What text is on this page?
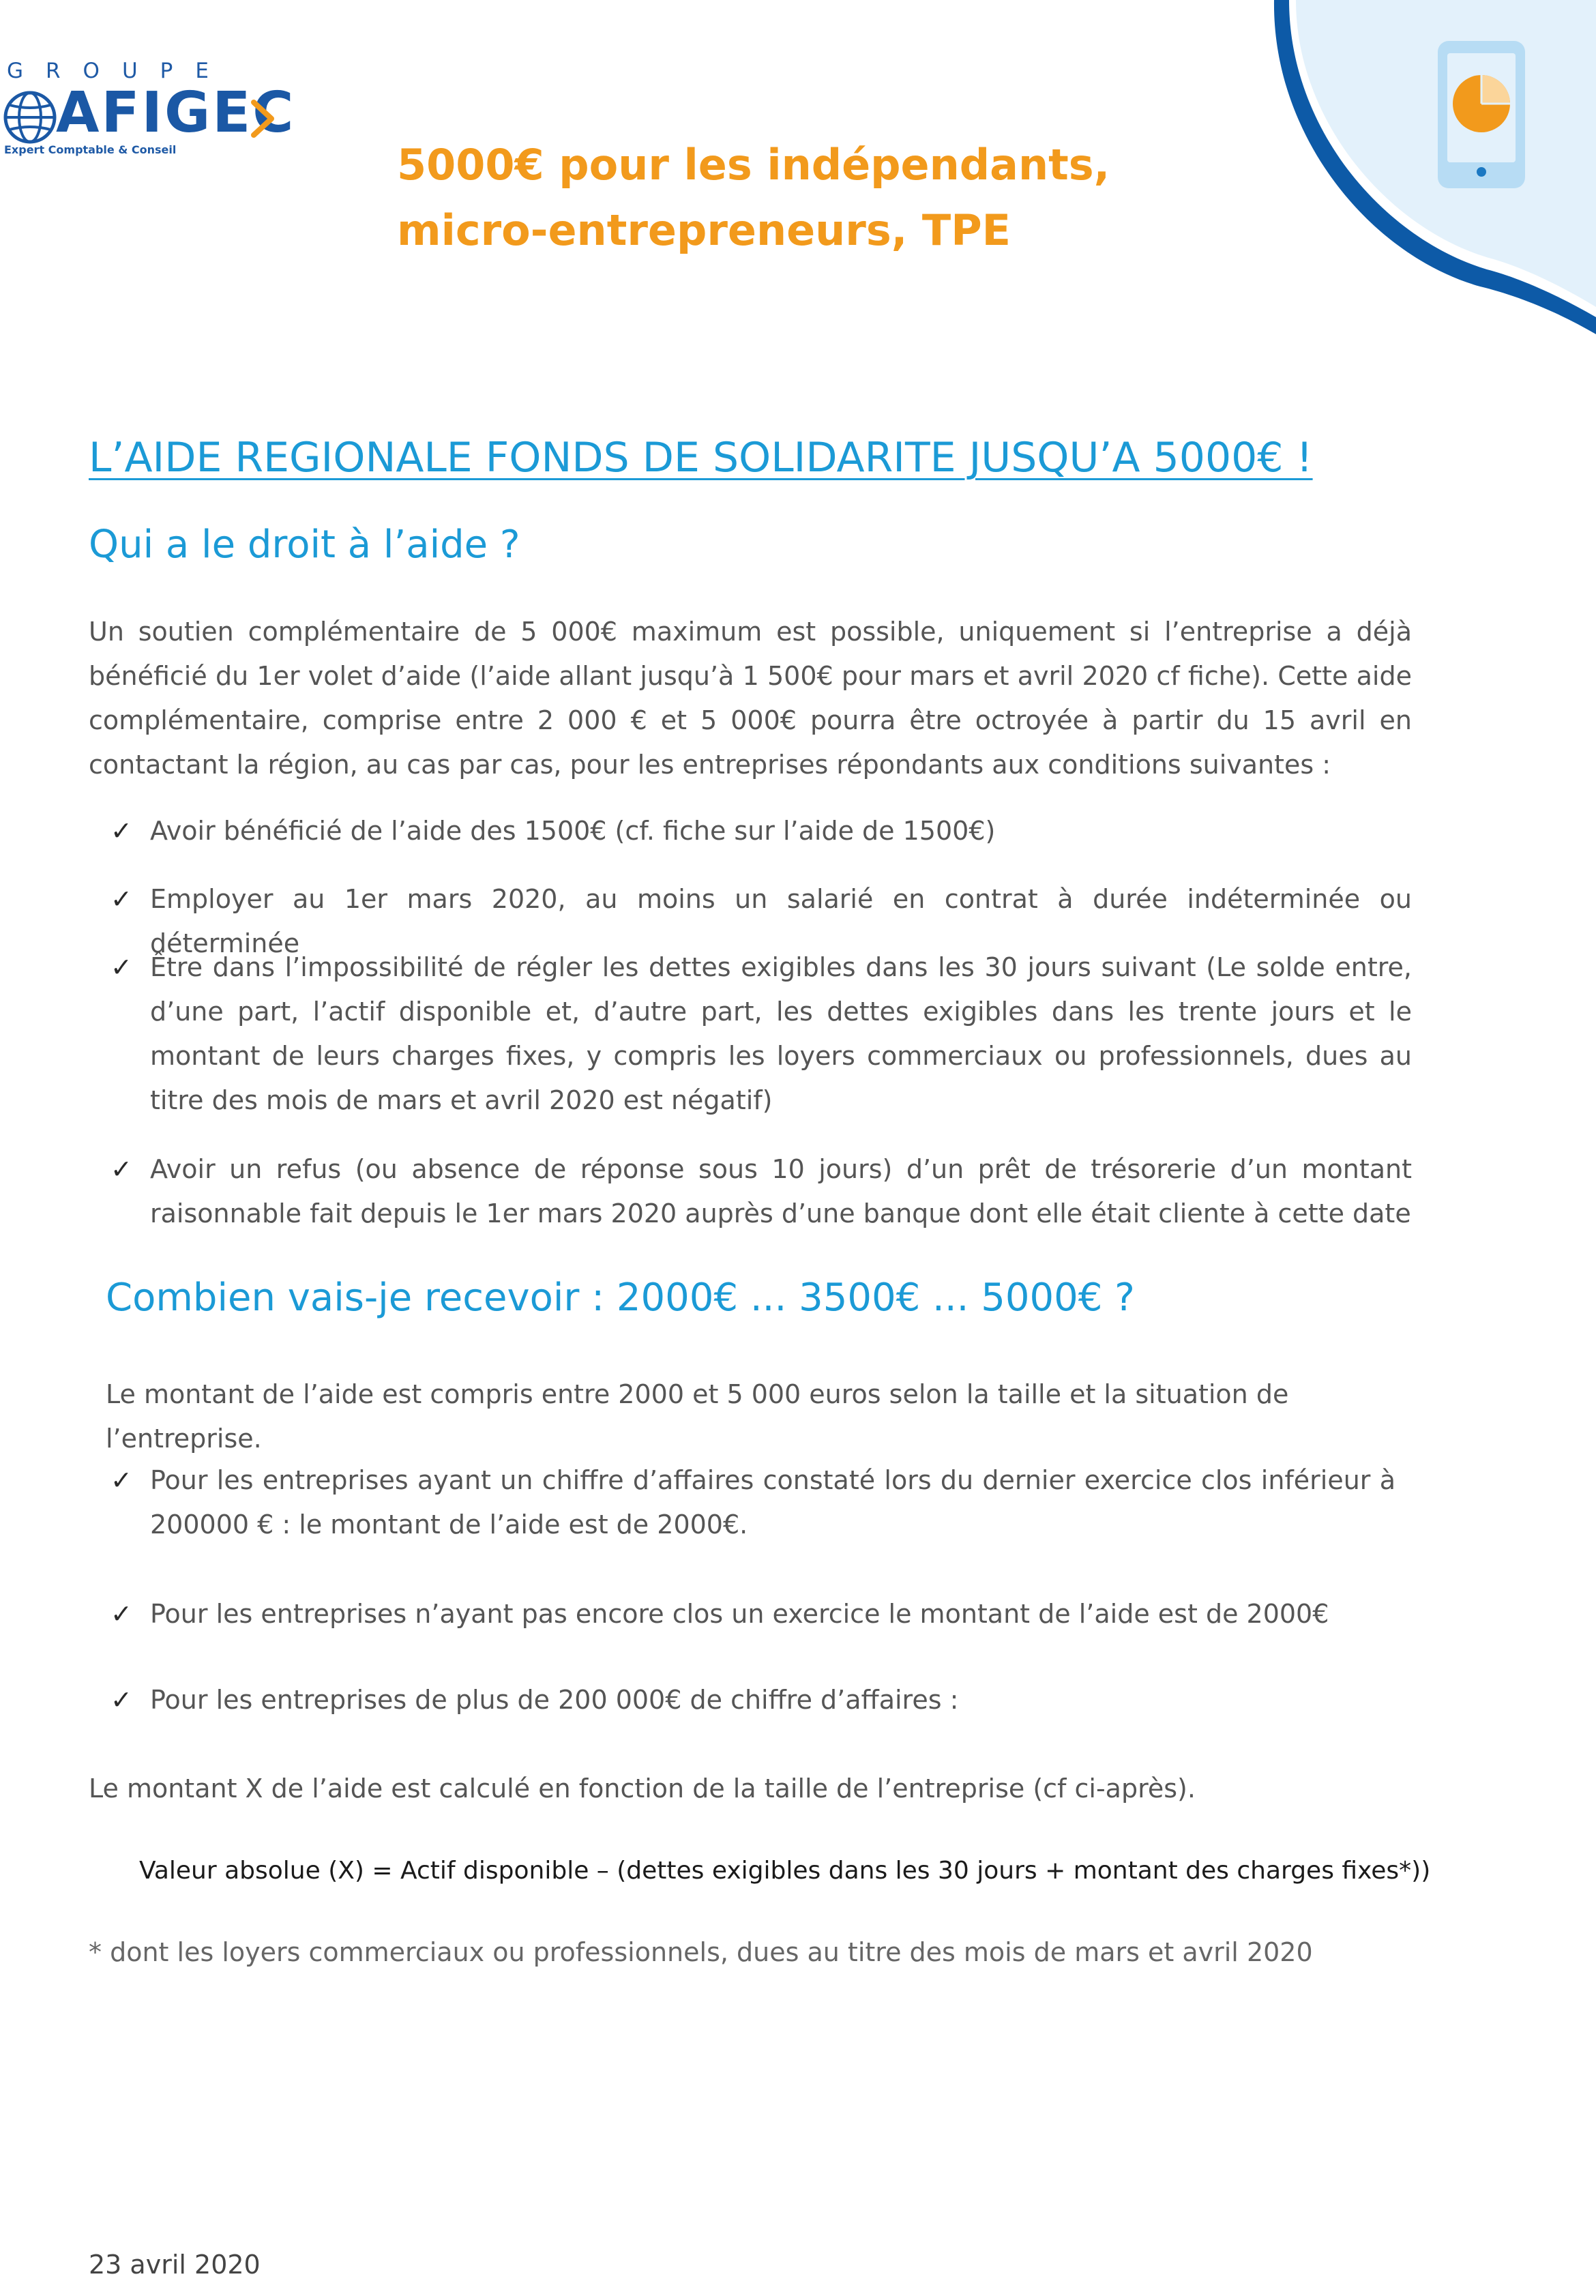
GROUPE
AFIGEC
Expert Comptable & Conseil	5000€ pour les indépendants,
micro-entrepreneurs, TPE
L’AIDE REGIONALE FONDS DE SOLIDARITE JUSQU’A 5000€ !
Qui a le droit à l’aide ?
Un soutien complémentaire de 5 000€ maximum est possible, uniquement si l’entreprise a déjà bénéficié du 1er volet d’aide (l’aide allant jusqu’à 1 500€ pour mars et avril 2020 cf fiche). Cette aide complémentaire, comprise entre 2 000 € et 5 000€ pourra être octroyée à partir du 15 avril en contactant la région, au cas par cas, pour les entreprises répondants aux conditions suivantes :
✓ Avoir bénéficié de l’aide des 1500€ (cf. fiche sur l’aide de 1500€)
✓ Employer au 1er mars 2020, au moins un salarié en contrat à durée indéterminée ou déterminée
✓ Être dans l’impossibilité de régler les dettes exigibles dans les 30 jours suivant (Le solde entre, d’une part, l’actif disponible et, d’autre part, les dettes exigibles dans les trente jours et le montant de leurs charges fixes, y compris les loyers commerciaux ou professionnels, dues au titre des mois de mars et avril 2020 est négatif)
✓ Avoir un refus (ou absence de réponse sous 10 jours) d’un prêt de trésorerie d’un montant raisonnable fait depuis le 1er mars 2020 auprès d’une banque dont elle était cliente à cette date
Combien vais-je recevoir : 2000€ ... 3500€ ... 5000€ ?
Le montant de l’aide est compris entre 2000 et 5 000 euros selon la taille et la situation de l’entreprise.
✓ Pour les entreprises ayant un chiffre d’affaires constaté lors du dernier exercice clos inférieur à 200000 € : le montant de l’aide est de 2000€.
✓ Pour les entreprises n’ayant pas encore clos un exercice le montant de l’aide est de 2000€
✓ Pour les entreprises de plus de 200 000€ de chiffre d’affaires :
Le montant X de l’aide est calculé en fonction de la taille de l’entreprise (cf ci-après).
Valeur absolue (X) = Actif disponible – (dettes exigibles dans les 30 jours + montant des charges fixes*))
* dont les loyers commerciaux ou professionnels, dues au titre des mois de mars et avril 2020
23 avril 2020
